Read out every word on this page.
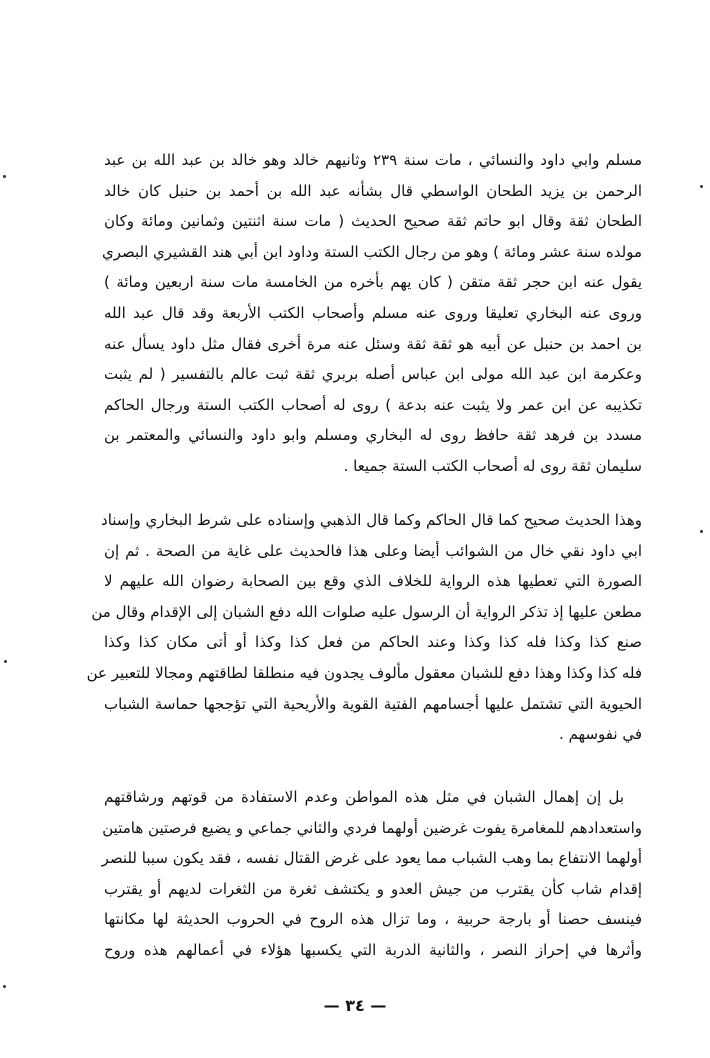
مسلم وابي داود والنسائي ، مات سنة ٢٣٩ وثانيهم خالد وهو خالد بن عبد الله بن عبد
الرحمن بن يزيد الطحان الواسطي قال بشأنه عبد الله بن أحمد بن حنبل كان خالد
الطحان ثقة وقال ابو حاتم ثقة صحيح الحديث ( مات سنة اثنتين وثمانين ومائة وكان
مولده سنة عشر ومائة ) وهو من رجال الكتب الستة وداود ابن أبي هند القشيري البصري
يقول عنه ابن حجر ثقة متقن ( كان يهم بأخره من الخامسة مات سنة اربعين ومائة )
وروى عنه البخاري تعليقا وروى عنه مسلم وأصحاب الكتب الأربعة وقد قال عبد الله
بن احمد بن حنبل عن أبيه هو ثقة ثقة وسئل عنه مرة أخرى فقال مثل داود يسأل عنه
وعكرمة ابن عبد الله مولى ابن عباس أصله بربري ثقة ثبت عالم بالتفسير ( لم يثبت
تكذيبه عن ابن عمر ولا يثبت عنه بدعة ) روى له أصحاب الكتب الستة ورجال الحاكم
مسدد بن فرهد ثقة حافظ روى له البخاري ومسلم وابو داود والنسائي والمعتمر بن
سليمان ثقة روى له أصحاب الكتب الستة جميعا .
وهذا الحديث صحيح كما قال الحاكم وكما قال الذهبي وإسناده على شرط البخاري وإسناد
ابي داود نقي خال من الشوائب أيضا وعلى هذا فالحديث على غاية من الصحة . ثم إن
الصورة التي تعطيها هذه الرواية للخلاف الذي وقع بين الصحابة رضوان الله عليهم لا
مطعن عليها إذ تذكر الرواية أن الرسول عليه صلوات الله دفع الشبان إلى الإقدام وقال من
صنع كذا وكذا فله كذا وكذا وعند الحاكم من فعل كذا وكذا أو أتى مكان كذا وكذا
فله كذا وكذا وهذا دفع للشبان معقول مألوف يجدون فيه منطلقا لطاقتهم ومجالا للتعبير عن
الحيوية التي تشتمل عليها أجسامهم الفتية القوية والأريحية التي تؤججها حماسة الشباب
في نفوسهم .
بل إن إهمال الشبان في مثل هذه المواطن وعدم الاستفادة من قوتهم ورشاقتهم
واستعدادهم للمغامرة يفوت غرضين أولهما فردي والثاني جماعي و يضيع فرصتين هامتين
أولهما الانتفاع بما وهب الشباب مما يعود على غرض القتال نفسه ، فقد يكون سببا للنصر
إقدام شاب كأن يقترب من جيش العدو و يكتشف ثغرة من الثغرات لديهم أو يقترب
فينسف حصنا أو بارجة حربية ، وما تزال هذه الروح في الحروب الحديثة لها مكانتها
وأثرها في إحراز النصر ، والثانية الدربة التي يكسبها هؤلاء في أعمالهم هذه وروح
— ٣٤ —
